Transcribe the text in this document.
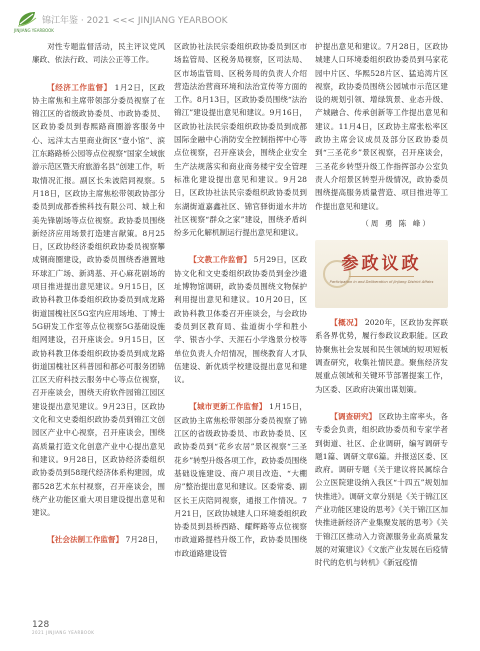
JINJIANG YEARBOOK
锦江年鉴 · 2021 <<< JINJIANG YEARBOOK

对性专题监督活动，民主评议党风廉政、依法行政、司法公正等工作。

【经济工作监督】 1月2日，区政协主席焦和主席带领部分委员视察了在锦江区的省级政协委员、市政协委员、区政协委员到春熙路商圈游客服务中心、远洋太古里商业街区“壹小馆”、滨江东路路桥公园等点位视察“国家全域旅游示范区暨天府旅游名县”创建工作，听取情况汇报。副区长朱波陪同视察。5月18日，区政协主席焦松带领政协部分委员到成都香熊科技有限公司、城上和美先锋剧场等点位视察。政协委员围绕新经济应用场景打造建言献策。8月25日，区政协经济委组织政协委员视察攀成钢商圈建设，政协委员围绕香港置地环球汇广场、新鸿基、开心麻花剧场的项目推进提出意见建议。9月15日，区政协科教卫体委组织政协委员到成龙路街道国槐社区5G室内应用场地、丁博士5G研发工作室等点位视察5G基础设施组网建设，召开座谈会。9月15日，区政协科教卫体委组织政协委员到成龙路街道国槐社区科普园和都必可服务团锦江区天府科技云服务中心等点位视察，召开座谈会，围绕天府软件园锦江园区建设提出意见建议。9月23日，区政协文化和文史委组织政协委员到锦江文创园区产业中心视察，召开座谈会，围绕高质量打造文化创意产业中心提出意见和建议。9月28日，区政协经济委组织政协委员到58现代经济体系构建园，成都528艺术东村视察，召开座谈会，围绕产业功能区重大项目建设提出意见和建议。

【社会法制工作监督】 7月28日，

区政协社法民宗委组织政协委员到区市场监管局、区税务局视察，区司法局、区市场监管局、区税务局的负责人介绍营造法治营商环境和法治宣传等方面的工作。8月13日，区政协委员围绕“法治锦江”建设提出意见和建议。9月16日，区政协社法民宗委组织政协委员到成都国际金融中心消防安全控制指挥中心等点位视察，召开座谈会，围绕企业安全生产法规落实和商业商务楼宇安全管理标准化建设提出意见和建议。9月28日，区政协社法民宗委组织政协委员到东湖街道嘉鑫社区、锦官驿街道水井坊社区视察“群众之家”建设，围绕矛盾纠纷多元化解机制运行提出意见和建议。

【文教工作监督】 5月29日，区政协文化和文史委组织政协委员到金沙遗址博物馆调研，政协委员围绕文物保护利用提出意见和建议。10月20日，区政协科教卫体委召开座谈会，与会政协委员到区教育局、盐道街小学和胜小学、银杏小学、天涯石小学逸景分校等单位负责人介绍情况，围绕教育人才队伍建设、新优质学校建设提出意见和建议。

【城市更新工作监督】 1月15日，区政协主席焦松带领部分委员视察了锦江区的省级政协委员、市政协委员、区政协委员到“花乡农居”景区视察“三圣花乡”转型升级各项工作，政协委员围绕基础设施建设、商户项目改造、“大棚房”整治提出意见和建议。区委常委、副区长王庆陪同视察，通报工作情况。7月21日，区政协城建人口环境委组织政协委员到县桥西路、耀辉路等点位视察市政道路提档升级工作，政协委员围绕市政道路建设管

护提出意见和建议。7月28日，区政协城建人口环境委组织政协委员到马家花园中片区、华熙528片区、猛追湾片区视察，政协委员围绕公园城市示范区建设的规划引领、增绿筑景、业态升级、产城融合、传承创新等工作提出意见和建议。11月4日，区政协主席张松率区政协主席会议成员及部分区政协委员到“三圣花乡”景区视察，召开座谈会，三圣花乡转型升级工作指挥部办公室负责人介绍景区转型升级情况，政协委员围绕提高服务质量营造、项目推进等工作提出意见和建议。

（周 勇 陈 峰）
参政议政
Participation in and Deliberation of Jinjiang District Affairs

【概况】 2020年，区政协发挥联系各界优势，履行参政议政职能。区政协聚焦社会发展和民生领域的短项短板调查研究，收集社情民意。聚焦经济发展重点领域和关键环节部署提案工作，为区委、区政府决策出谋划策。

【调查研究】 区政协主席率头，各专委会负责，组织政协委员和专家学者到街道、社区、企业调研，编写调研专题1篇、调研文章6篇。并报送区委、区政府。调研专题《关于建议将民属综合公立医院建设纳入我区“十四五”规划加快推进》。调研文章分别是《关于锦江区产业功能区建设的思考》《关于锦江区加快推进新经济产业集聚发展的思考》《关于锦江区推动入力资源服务业高质量发展的对策建议》《文旅产业发展在后疫情时代的危机与转机》《新冠疫情

128
2021 JINJIANG YEARBOOK
